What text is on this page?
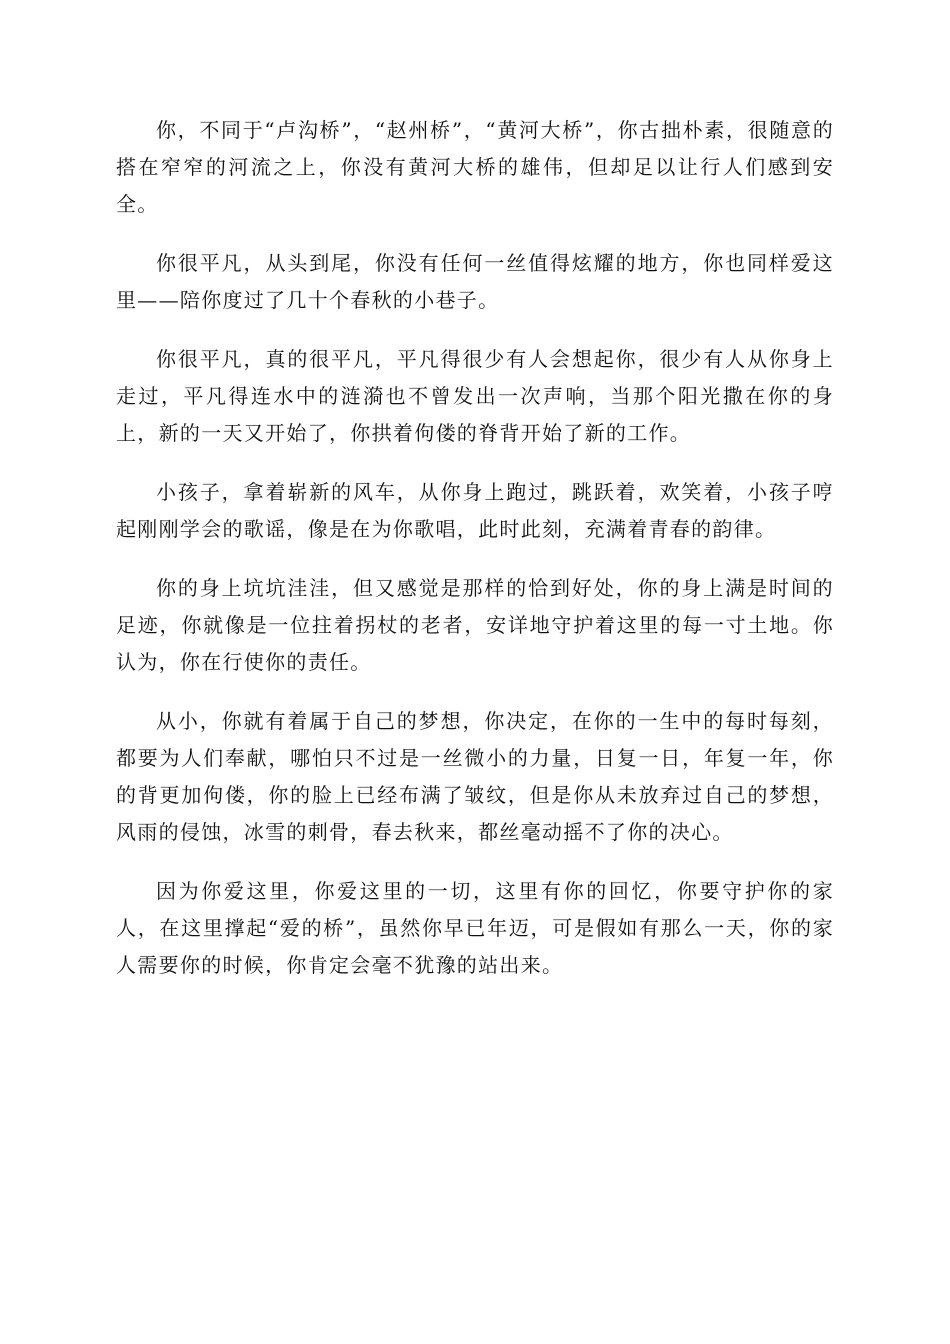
你，不同于“卢沟桥”，“赵州桥”，“黄河大桥”，你古拙朴素，很随意的搭在窄窄的河流之上，你没有黄河大桥的雄伟，但却足以让行人们感到安全。

你很平凡，从头到尾，你没有任何一丝值得炫耀的地方，你也同样爱这里——陪你度过了几十个春秋的小巷子。

你很平凡，真的很平凡，平凡得很少有人会想起你，很少有人从你身上走过，平凡得连水中的涟漪也不曾发出一次声响，当那个阳光撒在你的身上，新的一天又开始了，你拱着佝偻的脊背开始了新的工作。

小孩子，拿着崭新的风车，从你身上跑过，跳跃着，欢笑着，小孩子哼起刚刚学会的歌谣，像是在为你歌唱，此时此刻，充满着青春的韵律。

你的身上坑坑洼洼，但又感觉是那样的恰到好处，你的身上满是时间的足迹，你就像是一位拄着拐杖的老者，安详地守护着这里的每一寸土地。你认为，你在行使你的责任。

从小，你就有着属于自己的梦想，你决定，在你的一生中的每时每刻，都要为人们奉献，哪怕只不过是一丝微小的力量，日复一日，年复一年，你的背更加佝偻，你的脸上已经布满了皱纹，但是你从未放弃过自己的梦想，风雨的侵蚀，冰雪的刺骨，春去秋来，都丝毫动摇不了你的决心。

因为你爱这里，你爱这里的一切，这里有你的回忆，你要守护你的家人，在这里撑起“爱的桥”，虽然你早已年迈，可是假如有那么一天，你的家人需要你的时候，你肯定会毫不犹豫的站出来。
